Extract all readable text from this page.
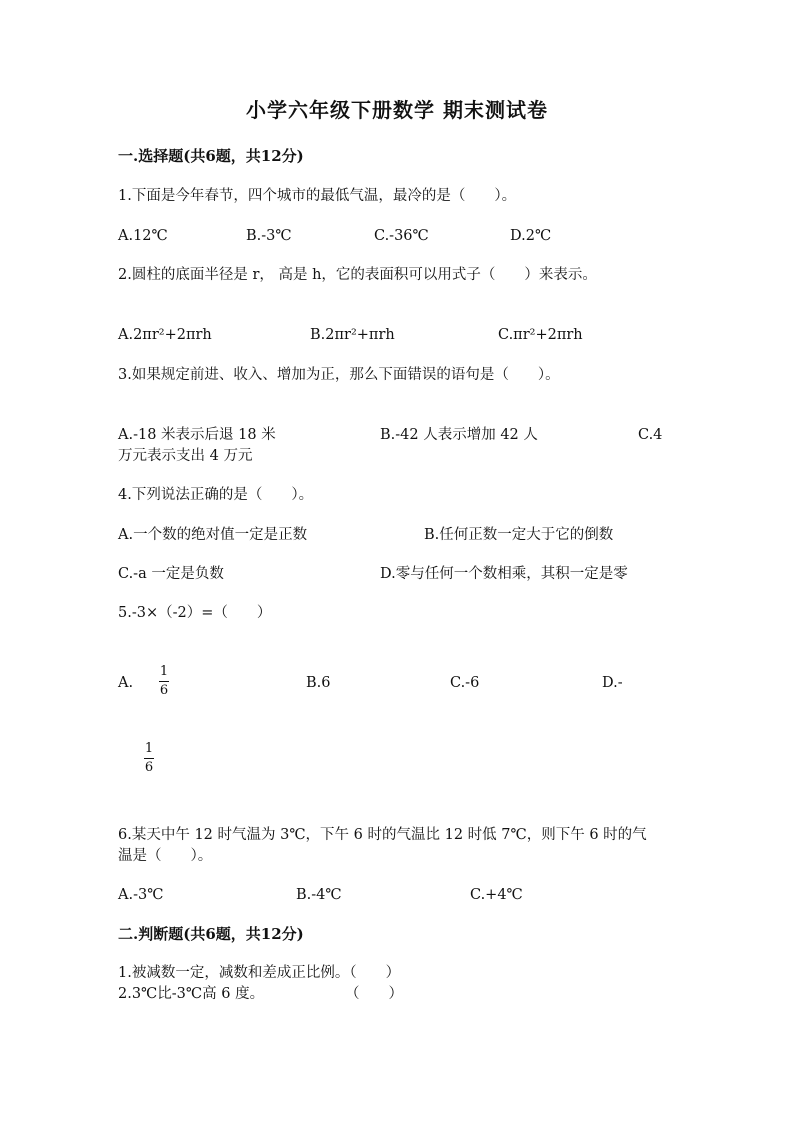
小学六年级下册数学 期末测试卷
一.选择题(共6题，共12分)
1.下面是今年春节，四个城市的最低气温，最冷的是（　　）。
A.12℃	B.-3℃	C.-36℃	D.2℃
2.圆柱的底面半径是 r， 高是 h，它的表面积可以用式子（　　）来表示。
A.2πr²+2πrh	B.2πr²+πrh	C.πr²+2πrh
3.如果规定前进、收入、增加为正，那么下面错误的语句是（　　）。
A.-18 米表示后退 18 米	B.-42 人表示增加 42 人	C.4
万元表示支出 4 万元
4.下列说法正确的是（　　）。
A.一个数的绝对值一定是正数	B.任何正数一定大于它的倒数
C.-a 一定是负数	D.零与任何一个数相乘，其积一定是零
5.-3×（-2）=（　　）
A.
1
6	B.6	C.-6	D.-
1
6
6.某天中午 12 时气温为 3℃，下午 6 时的气温比 12 时低 7℃，则下午 6 时的气
温是（　　）。
A.-3℃	B.-4℃	C.+4℃
二.判断题(共6题，共12分)
1.被减数一定，减数和差成正比例。（　　）
2.3℃比-3℃高 6 度。	（　　）
